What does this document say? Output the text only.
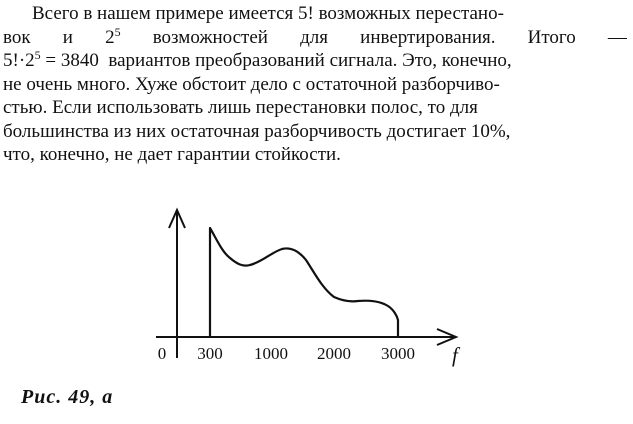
Всего в нашем примере имеется 5! возможных перестано-
вок и 25 возможностей для инвертирования. Итого —
$5!\cdot 2^5 = 3840$ вариантов преобразований сигнала. Это, конечно,
не очень много. Хуже обстоит дело с остаточной разборчиво-
стью. Если использовать лишь перестановки полос, то для
большинства из них остаточная разборчивость достигает 10%,
что, конечно, не дает гарантии стойкости.
0 300 1000 2000 3000 f

Рис. 49, а
